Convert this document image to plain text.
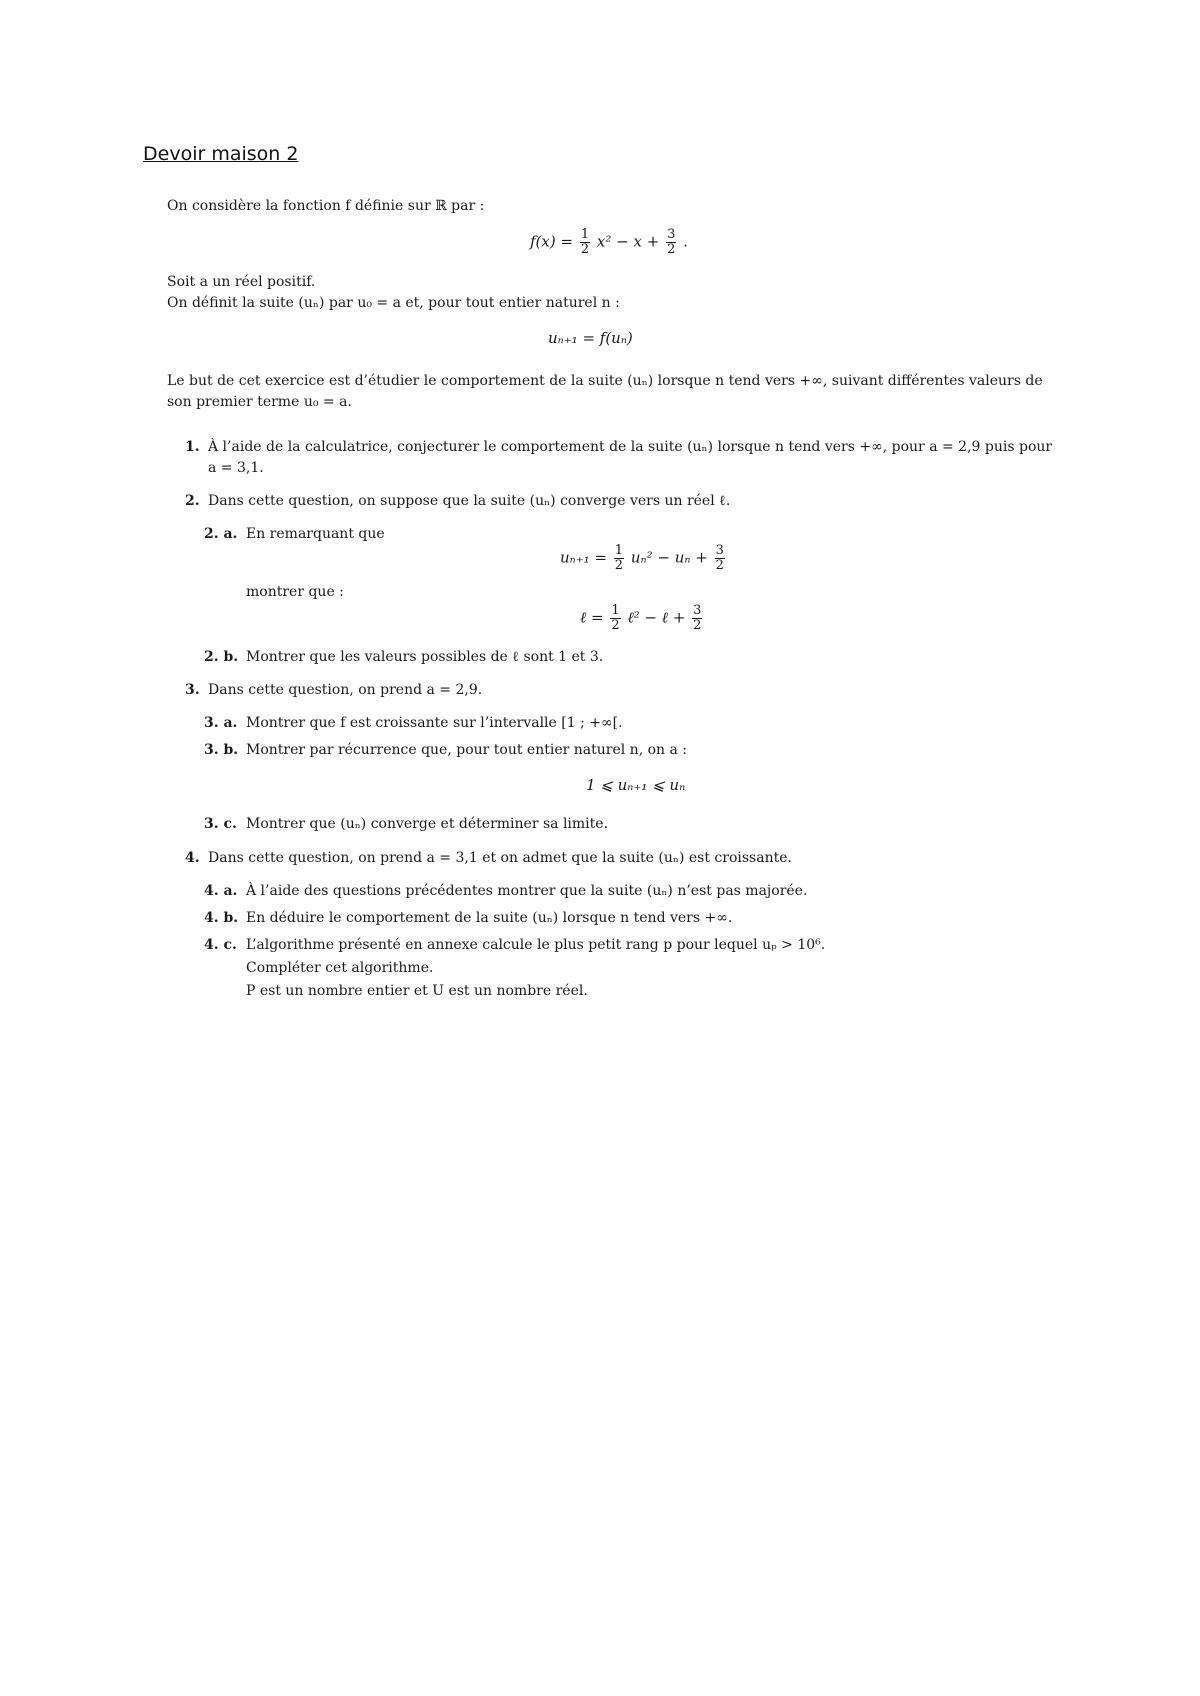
Devoir maison 2
On considère la fonction f définie sur ℝ par :
$f(x) = \frac{1}{2} x^2 - x + \frac{3}{2}$ .
Soit a un réel positif.
On définit la suite (uₙ) par u₀ = a et, pour tout entier naturel n :
uₙ₊₁ = f(uₙ)
Le but de cet exercice est d’étudier le comportement de la suite (uₙ) lorsque n tend vers +∞, suivant différentes valeurs de
son premier terme u₀ = a.
1. À l’aide de la calculatrice, conjecturer le comportement de la suite (uₙ) lorsque n tend vers +∞, pour a = 2,9 puis pour
a = 3,1.
2. Dans cette question, on suppose que la suite (uₙ) converge vers un réel ℓ.
2. a. En remarquant que
$u_{n+1} = \frac{1}{2} u_n^2 - u_n + \frac{3}{2}$
montrer que :
ℓ = $\frac{1}{2}$ ℓ² − ℓ + $\frac{3}{2}$
2. b. Montrer que les valeurs possibles de ℓ sont 1 et 3.
3. Dans cette question, on prend a = 2,9.
3. a. Montrer que f est croissante sur l’intervalle [1 ; +∞[.
3. b. Montrer par récurrence que, pour tout entier naturel n, on a :
1 ⩽ uₙ₊₁ ⩽ uₙ
3. c. Montrer que (uₙ) converge et déterminer sa limite.
4. Dans cette question, on prend a = 3,1 et on admet que la suite (uₙ) est croissante.
4. a. À l’aide des questions précédentes montrer que la suite (uₙ) n’est pas majorée.
4. b. En déduire le comportement de la suite (uₙ) lorsque n tend vers +∞.
4. c. L’algorithme présenté en annexe calcule le plus petit rang p pour lequel uₚ > 10⁶.
Compléter cet algorithme.
P est un nombre entier et U est un nombre réel.
